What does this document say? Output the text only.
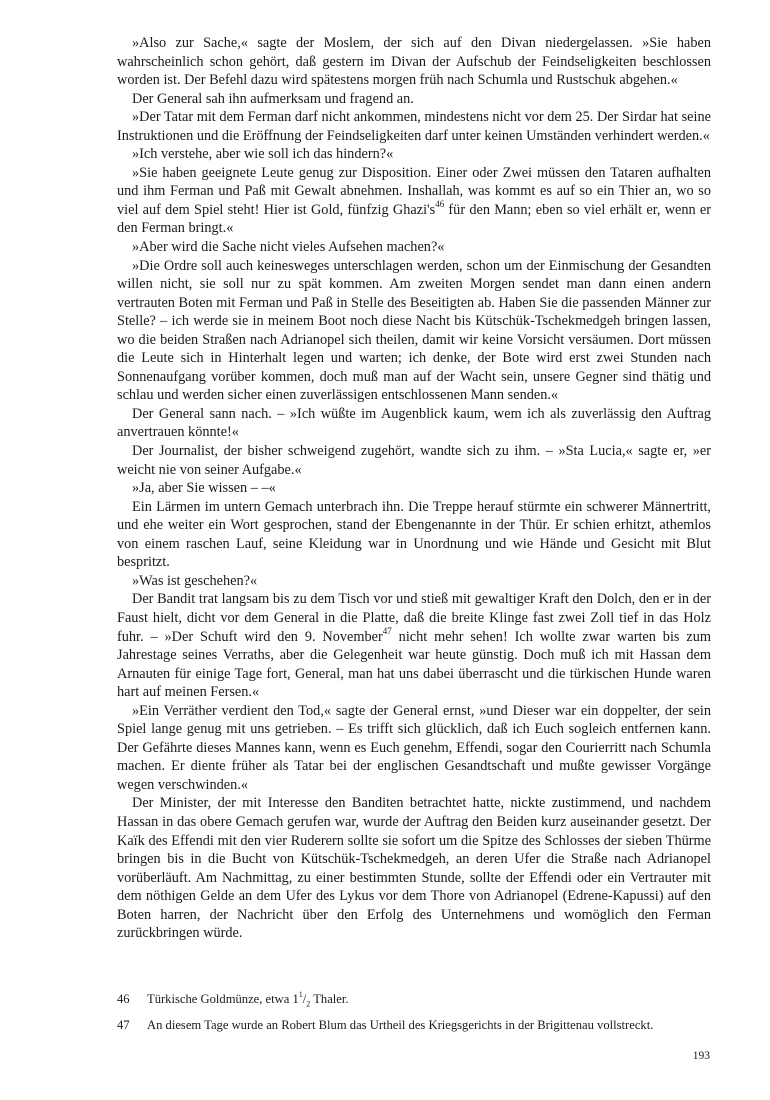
»Also zur Sache,« sagte der Moslem, der sich auf den Divan niedergelassen. »Sie haben wahrscheinlich schon gehört, daß gestern im Divan der Aufschub der Feindseligkeiten beschlossen worden ist. Der Befehl dazu wird spätestens morgen früh nach Schumla und Rustschuk abgehen.«

Der General sah ihn aufmerksam und fragend an.

»Der Tatar mit dem Ferman darf nicht ankommen, mindestens nicht vor dem 25. Der Sirdar hat seine Instruktionen und die Eröffnung der Feindseligkeiten darf unter keinen Umständen verhindert werden.«

»Ich verstehe, aber wie soll ich das hindern?«

»Sie haben geeignete Leute genug zur Disposition. Einer oder Zwei müssen den Tataren aufhalten und ihm Ferman und Paß mit Gewalt abnehmen. Inshallah, was kommt es auf so ein Thier an, wo so viel auf dem Spiel steht! Hier ist Gold, fünfzig $Ghazi's^{46}$ für den Mann; eben so viel erhält er, wenn er den Ferman bringt.«

»Aber wird die Sache nicht vieles Aufsehen machen?«

»Die Ordre soll auch keinesweges unterschlagen werden, schon um der Einmischung der Gesandten willen nicht, sie soll nur zu spät kommen. Am zweiten Morgen sendet man dann einen andern vertrauten Boten mit Ferman und Paß in Stelle des Beseitigten ab. Haben Sie die passenden Männer zur Stelle? – ich werde sie in meinem Boot noch diese Nacht bis Kütschük-Tschekmedgeh bringen lassen, wo die beiden Straßen nach Adrianopel sich theilen, damit wir keine Vorsicht versäumen. Dort müssen die Leute sich in Hinterhalt legen und warten; ich denke, der Bote wird erst zwei Stunden nach Sonnenaufgang vorüber kommen, doch muß man auf der Wacht sein, unsere Gegner sind thätig und schlau und werden sicher einen zuverlässigen entschlossenen Mann senden.«

Der General sann nach. – »Ich wüßte im Augenblick kaum, wem ich als zuverlässig den Auftrag anvertrauen könnte!«

Der Journalist, der bisher schweigend zugehört, wandte sich zu ihm. – »Sta Lucia,« sagte er, »er weicht nie von seiner Aufgabe.«

»Ja, aber Sie wissen – –«

Ein Lärmen im untern Gemach unterbrach ihn. Die Treppe herauf stürmte ein schwerer Männertritt, und ehe weiter ein Wort gesprochen, stand der Ebengenannte in der Thür. Er schien erhitzt, athemlos von einem raschen Lauf, seine Kleidung war in Unordnung und wie Hände und Gesicht mit Blut bespritzt.

»Was ist geschehen?«

Der Bandit trat langsam bis zu dem Tisch vor und stieß mit gewaltiger Kraft den Dolch, den er in der Faust hielt, dicht vor dem General in die Platte, daß die breite Klinge fast zwei Zoll tief in das Holz fuhr. – »Der Schuft wird den 9. November$^{47}$ nicht mehr sehen! Ich wollte zwar warten bis zum Jahrestage seines Verraths, aber die Gelegenheit war heute günstig. Doch muß ich mit Hassan dem Arnauten für einige Tage fort, General, man hat uns dabei überrascht und die türkischen Hunde waren hart auf meinen Fersen.«

»Ein Verräther verdient den Tod,« sagte der General ernst, »und Dieser war ein doppelter, der sein Spiel lange genug mit uns getrieben. – Es trifft sich glücklich, daß ich Euch sogleich entfernen kann. Der Gefährte dieses Mannes kann, wenn es Euch genehm, Effendi, sogar den Courierritt nach Schumla machen. Er diente früher als Tatar bei der englischen Gesandtschaft und mußte gewisser Vorgänge wegen verschwinden.«

Der Minister, der mit Interesse den Banditen betrachtet hatte, nickte zustimmend, und nachdem Hassan in das obere Gemach gerufen war, wurde der Auftrag den Beiden kurz auseinander gesetzt. Der Kaïk des Effendi mit den vier Ruderern sollte sie sofort um die Spitze des Schlosses der sieben Thürme bringen bis in die Bucht von Kütschük-Tschekmedgeh, an deren Ufer die Straße nach Adrianopel vorüberläuft. Am Nachmittag, zu einer bestimmten Stunde, sollte der Effendi oder ein Vertrauter mit dem nöthigen Gelde an dem Ufer des Lykus vor dem Thore von Adrianopel (Edrene-Kapussi) auf den Boten harren, der Nachricht über den Erfolg des Unternehmens und womöglich den Ferman zurückbringen würde.

46	Türkische Goldmünze, etwa $1^1/_2$ Thaler.
47	An diesem Tage wurde an Robert Blum das Urtheil des Kriegsgerichts in der Brigittenau vollstreckt.
193
